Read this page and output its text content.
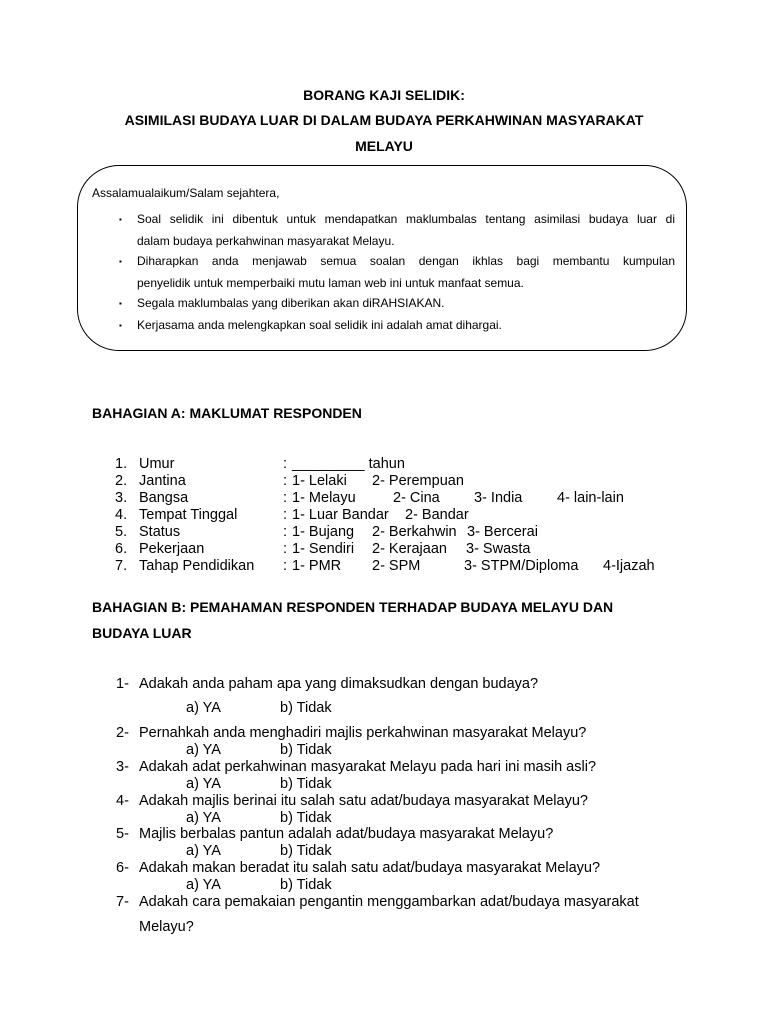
BORANG KAJI SELIDIK:
ASIMILASI BUDAYA LUAR DI DALAM BUDAYA PERKAHWINAN MASYARAKAT
MELAYU
Assalamualaikum/Salam sejahtera,
▪ Soal selidik ini dibentuk untuk mendapatkan maklumbalas tentang asimilasi budaya luar di
dalam budaya perkahwinan masyarakat Melayu.
▪ Diharapkan anda menjawab semua soalan dengan ikhlas bagi membantu kumpulan
penyelidik untuk memperbaiki mutu laman web ini untuk manfaat semua.
▪ Segala maklumbalas yang diberikan akan diRAHSIAKAN.
▪ Kerjasama anda melengkapkan soal selidik ini adalah amat dihargai.
BAHAGIAN A: MAKLUMAT RESPONDEN
1. Umur	: _________ tahun
2. Jantina	: 1- Lelaki 2- Perempuan
3. Bangsa	: 1- Melayu	2- Cina 3- India 4- lain-lain
4. Tempat Tinggal	: 1- Luar Bandar 2- Bandar
5. Status	: 1- Bujang 2- Berkahwin 3- Bercerai
6. Pekerjaan	: 1- Sendiri 2- Kerajaan 3- Swasta
7. Tahap Pendidikan : 1- PMR 2- SPM	3- STPM/Diploma 4-Ijazah
BAHAGIAN B: PEMAHAMAN RESPONDEN TERHADAP BUDAYA MELAYU DAN
BUDAYA LUAR
1- Adakah anda paham apa yang dimaksudkan dengan budaya?
a) YA	b) Tidak
2- Pernahkah anda menghadiri majlis perkahwinan masyarakat Melayu?
a) YA	b) Tidak
3- Adakah adat perkahwinan masyarakat Melayu pada hari ini masih asli?
a) YA	b) Tidak
4- Adakah majlis berinai itu salah satu adat/budaya masyarakat Melayu?
a) YA	b) Tidak
5- Majlis berbalas pantun adalah adat/budaya masyarakat Melayu?
a) YA	b) Tidak
6- Adakah makan beradat itu salah satu adat/budaya masyarakat Melayu?
a) YA	b) Tidak
7- Adakah cara pemakaian pengantin menggambarkan adat/budaya masyarakat
Melayu?
